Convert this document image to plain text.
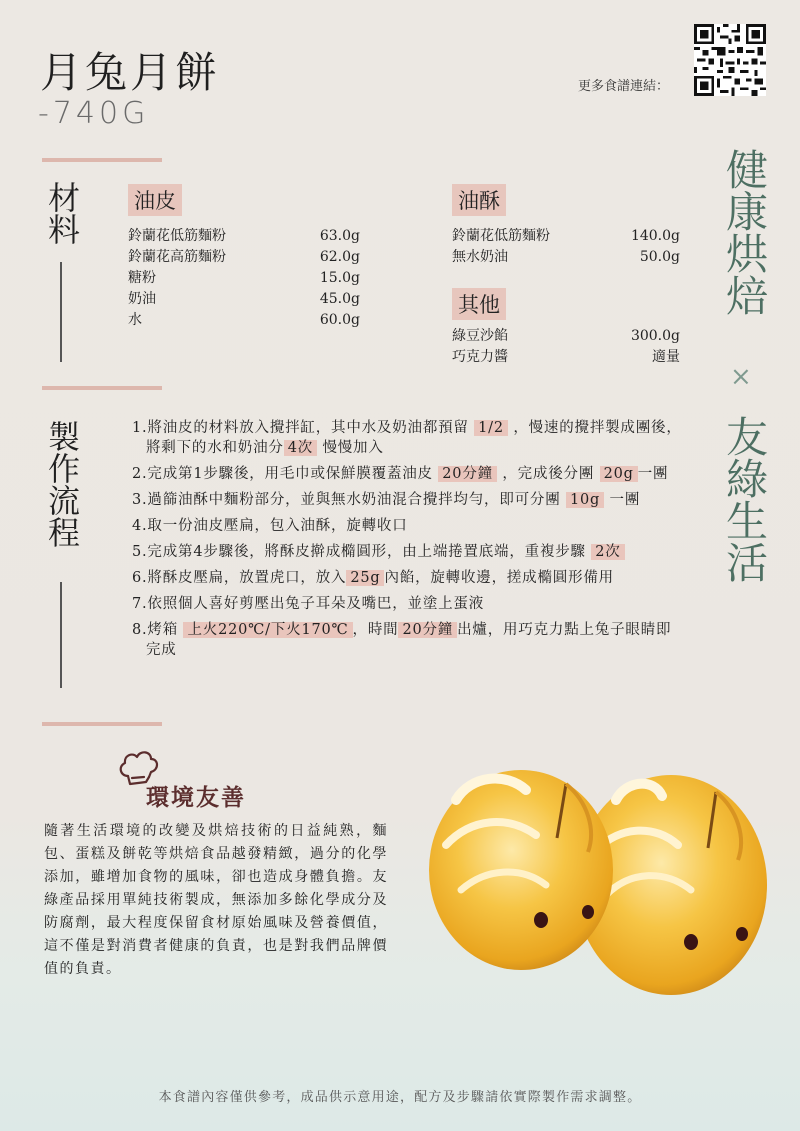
月兔月餅
-740G
更多食譜連結：
材料	油皮
鈴蘭花低筋麵粉	63.0g
鈴蘭花高筋麵粉	62.0g
糖粉	15.0g
奶油	45.0g
水	60.0g
油酥
鈴蘭花低筋麵粉	140.0g
無水奶油	50.0g
其他
綠豆沙餡	300.0g
巧克力醬	適量
製作流程	1.將油皮的材料放入攪拌缸，其中水及奶油都預留 1/2 ，慢速的攪拌製成團後，將剩下的水和奶油分 4次 慢慢加入
2.完成第1步驟後，用毛巾或保鮮膜覆蓋油皮 20分鐘 ，完成後分團 20g 一團
3.過篩油酥中麵粉部分，並與無水奶油混合攪拌均勻，即可分團 10g 一團
4.取一份油皮壓扁，包入油酥，旋轉收口
5.完成第4步驟後，將酥皮擀成橢圓形，由上端捲置底端，重複步驟 2次
6.將酥皮壓扁，放置虎口，放入 25g 內餡，旋轉收邊，搓成橢圓形備用
7.依照個人喜好剪壓出兔子耳朵及嘴巴，並塗上蛋液
8.烤箱 上火220℃/下火170℃ ，時間 20分鐘 出爐，用巧克力點上兔子眼睛即完成
健康烘焙
×
友綠生活
環境友善
隨著生活環境的改變及烘焙技術的日益純熟，麵包、蛋糕及餅乾等烘焙食品越發精緻，過分的化學添加，雖增加食物的風味，卻也造成身體負擔。友綠產品採用單純技術製成，無添加多餘化學成分及防腐劑，最大程度保留食材原始風味及營養價值，這不僅是對消費者健康的負責，也是對我們品牌價值的負責。
本食譜內容僅供參考，成品供示意用途，配方及步驟請依實際製作需求調整。
